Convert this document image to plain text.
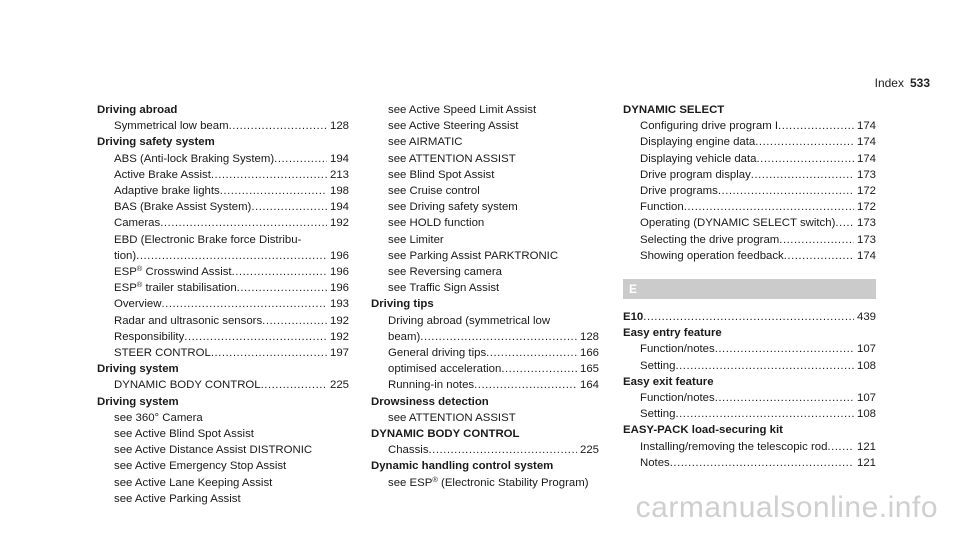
Index 533
Driving abroad
Symmetrical low beam .....	128
Driving safety system
ABS (Anti-lock Braking System) .....	194
Active Brake Assist .....	213
Adaptive brake lights .....	198
BAS (Brake Assist System) .....	194
Cameras .....	192
EBD (Electronic Brake force Distribu-
tion) .....	196
ESP® Crosswind Assist .....	196
ESP® trailer stabilisation .....	196
Overview .....	193
Radar and ultrasonic sensors .....	192
Responsibility .....	192
STEER CONTROL .....	197
Driving system
DYNAMIC BODY CONTROL .....	225
Driving system
see 360° Camera
see Active Blind Spot Assist
see Active Distance Assist DISTRONIC
see Active Emergency Stop Assist
see Active Lane Keeping Assist
see Active Parking Assist
see Active Speed Limit Assist
see Active Steering Assist
see AIRMATIC
see ATTENTION ASSIST
see Blind Spot Assist
see Cruise control
see Driving safety system
see HOLD function
see Limiter
see Parking Assist PARKTRONIC
see Reversing camera
see Traffic Sign Assist
Driving tips
Driving abroad (symmetrical low
beam) .....	128
General driving tips .....	166
optimised acceleration .....	165
Running-in notes .....	164
Drowsiness detection
see ATTENTION ASSIST
DYNAMIC BODY CONTROL
Chassis .....	225
Dynamic handling control system
see ESP® (Electronic Stability Program)
DYNAMIC SELECT
Configuring drive program I .....	174
Displaying engine data .....	174
Displaying vehicle data .....	174
Drive program display .....	173
Drive programs .....	172
Function .....	172
Operating (DYNAMIC SELECT switch) ..... 173
Selecting the drive program .....	173
Showing operation feedback .....	174
E
E10 .....	439
Easy entry feature
Function/notes .....	107
Setting .....	108
Easy exit feature
Function/notes .....	107
Setting .....	108
EASY-PACK load-securing kit
Installing/removing the telescopic rod .....	121
Notes .....	121
carmanualsonline.info
